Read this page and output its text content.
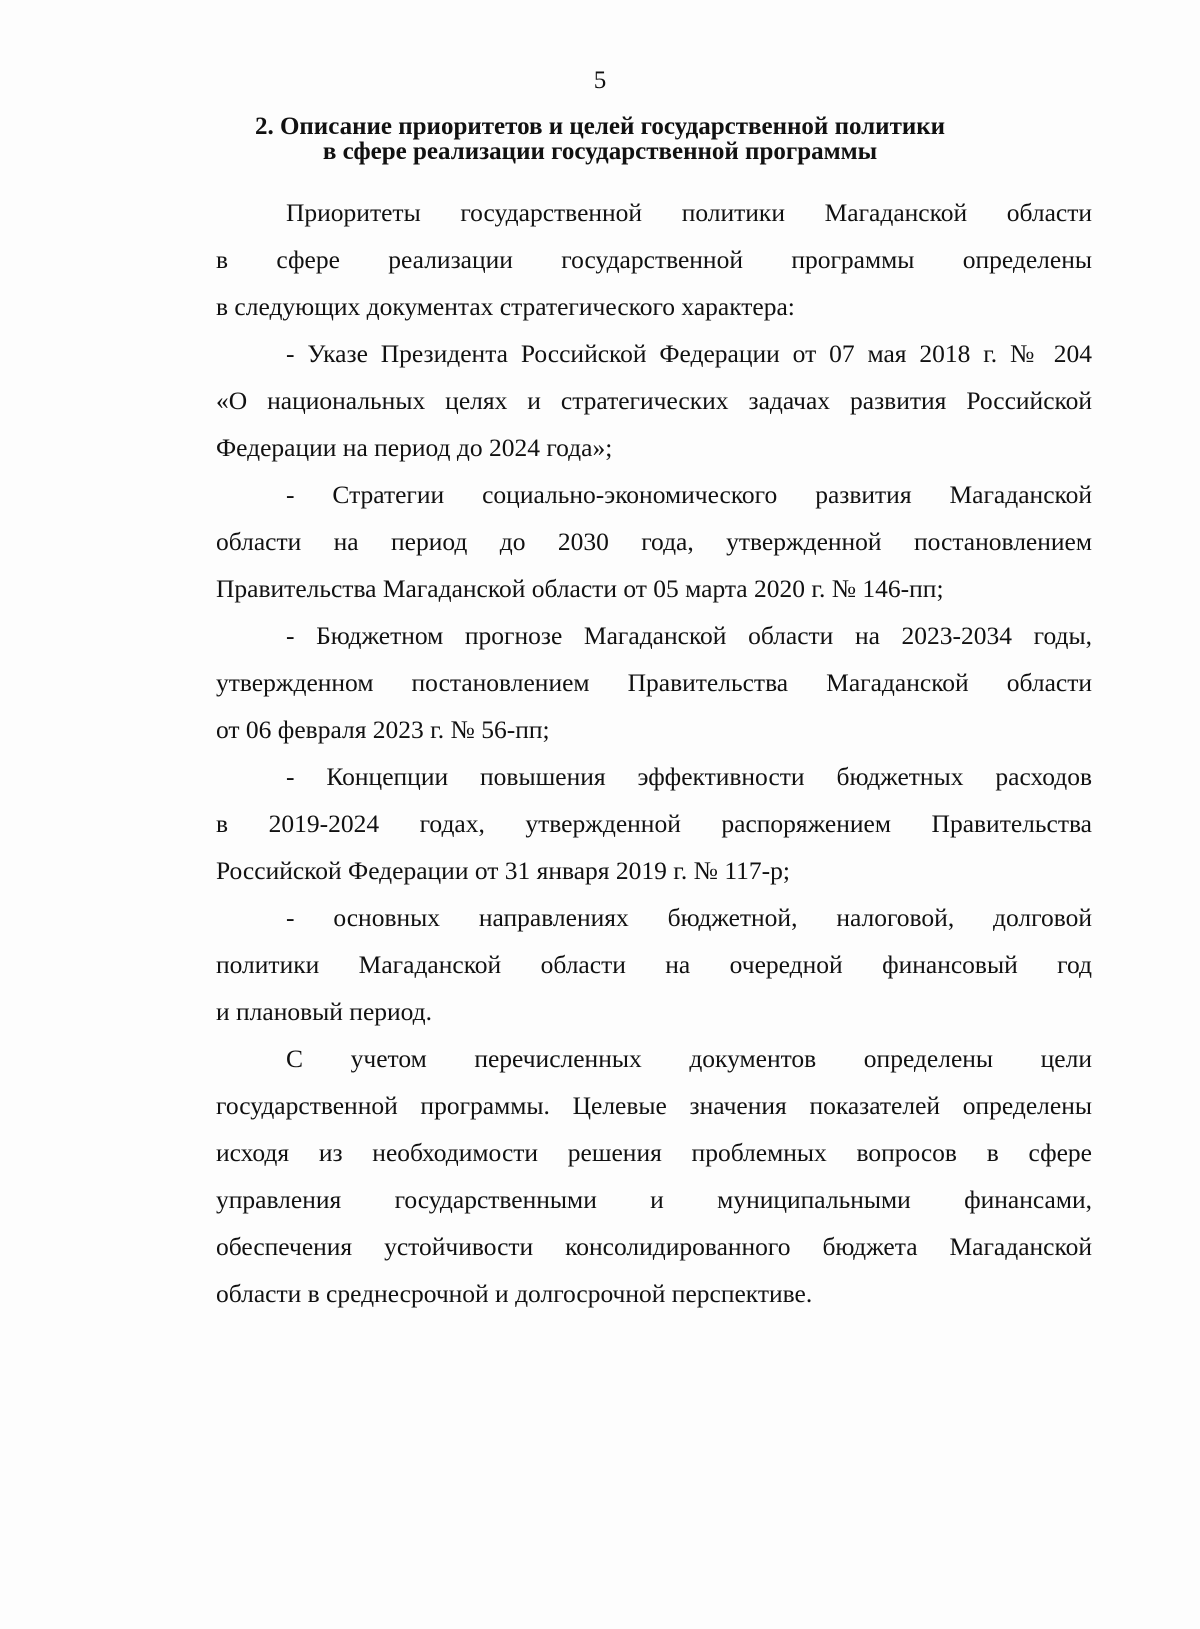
5
2. Описание приоритетов и целей государственной политики
в сфере реализации государственной программы
Приоритеты государственной политики Магаданской области
в сфере реализации государственной программы определены
в следующих документах стратегического характера:
- Указе Президента Российской Федерации от 07 мая 2018 г. № 204
«О национальных целях и стратегических задачах развития Российской
Федерации на период до 2024 года»;
- Стратегии социально-экономического развития Магаданской
области на период до 2030 года, утвержденной постановлением
Правительства Магаданской области от 05 марта 2020 г. № 146-пп;
- Бюджетном прогнозе Магаданской области на 2023-2034 годы,
утвержденном постановлением Правительства Магаданской области
от 06 февраля 2023 г. № 56-пп;
- Концепции повышения эффективности бюджетных расходов
в 2019-2024 годах, утвержденной распоряжением Правительства
Российской Федерации от 31 января 2019 г. № 117-р;
- основных направлениях бюджетной, налоговой, долговой
политики Магаданской области на очередной финансовый год
и плановый период.
С учетом перечисленных документов определены цели
государственной программы. Целевые значения показателей определены
исходя из необходимости решения проблемных вопросов в сфере
управления государственными и муниципальными финансами,
обеспечения устойчивости консолидированного бюджета Магаданской
области в среднесрочной и долгосрочной перспективе.
